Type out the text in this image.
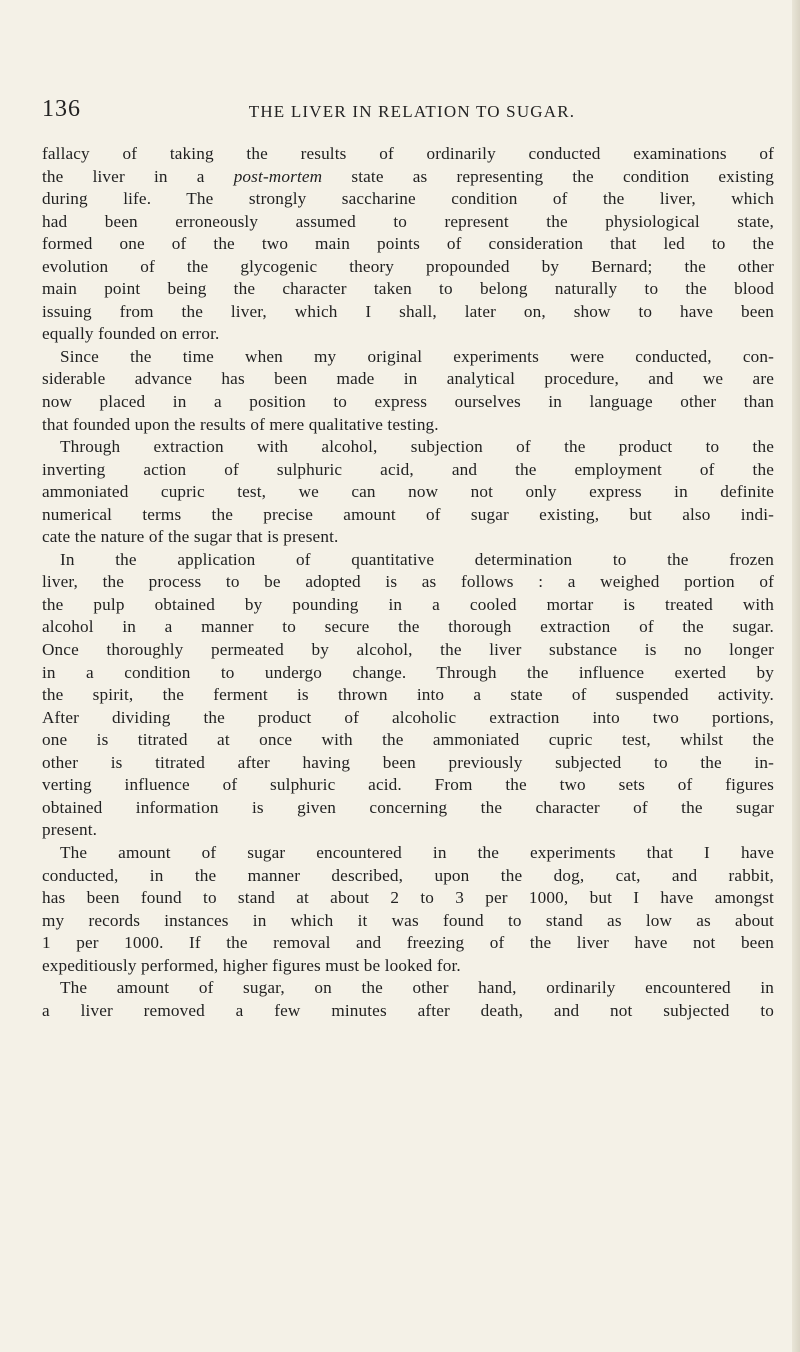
136	THE LIVER IN RELATION TO SUGAR.
fallacy of taking the results of ordinarily conducted examinations of
the liver in a post-mortem state as representing the condition existing
during life. The strongly saccharine condition of the liver, which
had been erroneously assumed to represent the physiological state,
formed one of the two main points of consideration that led to the
evolution of the glycogenic theory propounded by Bernard; the other
main point being the character taken to belong naturally to the blood
issuing from the liver, which I shall, later on, show to have been
equally founded on error.
Since the time when my original experiments were conducted, con-
siderable advance has been made in analytical procedure, and we are
now placed in a position to express ourselves in language other than
that founded upon the results of mere qualitative testing.
Through extraction with alcohol, subjection of the product to the
inverting action of sulphuric acid, and the employment of the
ammoniated cupric test, we can now not only express in definite
numerical terms the precise amount of sugar existing, but also indi-
cate the nature of the sugar that is present.
In the application of quantitative determination to the frozen
liver, the process to be adopted is as follows : a weighed portion of
the pulp obtained by pounding in a cooled mortar is treated with
alcohol in a manner to secure the thorough extraction of the sugar.
Once thoroughly permeated by alcohol, the liver substance is no longer
in a condition to undergo change. Through the influence exerted by
the spirit, the ferment is thrown into a state of suspended activity.
After dividing the product of alcoholic extraction into two portions,
one is titrated at once with the ammoniated cupric test, whilst the
other is titrated after having been previously subjected to the in-
verting influence of sulphuric acid. From the two sets of figures
obtained information is given concerning the character of the sugar
present.
The amount of sugar encountered in the experiments that I have
conducted, in the manner described, upon the dog, cat, and rabbit,
has been found to stand at about 2 to 3 per 1000, but I have amongst
my records instances in which it was found to stand as low as about
1 per 1000. If the removal and freezing of the liver have not been
expeditiously performed, higher figures must be looked for.
The amount of sugar, on the other hand, ordinarily encountered in
a liver removed a few minutes after death, and not subjected to
